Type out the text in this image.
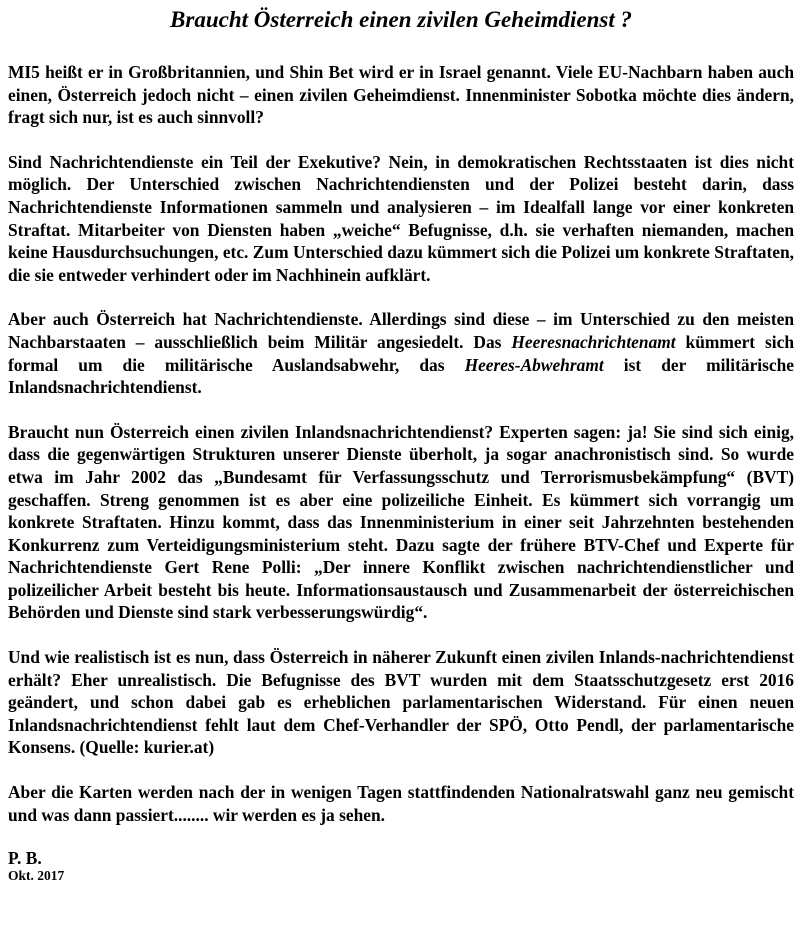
Braucht Österreich einen zivilen Geheimdienst ?
MI5 heißt er in Großbritannien, und Shin Bet wird er in Israel genannt. Viele EU-Nachbarn haben auch einen, Österreich jedoch nicht – einen zivilen Geheimdienst. Innenminister Sobotka möchte dies ändern, fragt sich nur, ist es auch sinnvoll?
Sind Nachrichtendienste ein Teil der Exekutive? Nein, in demokratischen Rechtsstaaten ist dies nicht möglich. Der Unterschied zwischen Nachrichtendiensten und der Polizei besteht darin, dass Nachrichtendienste Informationen sammeln und analysieren – im Idealfall lange vor einer konkreten Straftat. Mitarbeiter von Diensten haben „weiche“ Befugnisse, d.h. sie verhaften niemanden, machen keine Hausdurchsuchungen, etc. Zum Unterschied dazu kümmert sich die Polizei um konkrete Straftaten, die sie entweder verhindert oder im Nachhinein aufklärt.
Aber auch Österreich hat Nachrichtendienste. Allerdings sind diese – im Unterschied zu den meisten Nachbarstaaten – ausschließlich beim Militär angesiedelt. Das Heeresnachrichtenamt kümmert sich formal um die militärische Auslandsabwehr, das Heeres-Abwehramt ist der militärische Inlandsnachrichtendienst.
Braucht nun Österreich einen zivilen Inlandsnachrichtendienst? Experten sagen: ja! Sie sind sich einig, dass die gegenwärtigen Strukturen unserer Dienste überholt, ja sogar anachronistisch sind. So wurde etwa im Jahr 2002 das „Bundesamt für Verfassungsschutz und Terrorismusbekämpfung“ (BVT) geschaffen. Streng genommen ist es aber eine polizeiliche Einheit. Es kümmert sich vorrangig um konkrete Straftaten. Hinzu kommt, dass das Innenministerium in einer seit Jahrzehnten bestehenden Konkurrenz zum Verteidigungsministerium steht. Dazu sagte der frühere BTV-Chef und Experte für Nachrichtendienste Gert Rene Polli: „Der innere Konflikt zwischen nachrichtendienstlicher und polizeilicher Arbeit besteht bis heute. Informationsaustausch und Zusammenarbeit der österreichischen Behörden und Dienste sind stark verbesserungswürdig“.
Und wie realistisch ist es nun, dass Österreich in näherer Zukunft einen zivilen Inlands-nachrichtendienst erhält? Eher unrealistisch. Die Befugnisse des BVT wurden mit dem Staatsschutzgesetz erst 2016 geändert, und schon dabei gab es erheblichen parlamentarischen Widerstand. Für einen neuen Inlandsnachrichtendienst fehlt laut dem Chef-Verhandler der SPÖ, Otto Pendl, der parlamentarische Konsens. (Quelle: kurier.at)
Aber die Karten werden nach der in wenigen Tagen stattfindenden Nationalratswahl ganz neu gemischt und was dann passiert........ wir werden es ja sehen.
P. B.
Okt. 2017
